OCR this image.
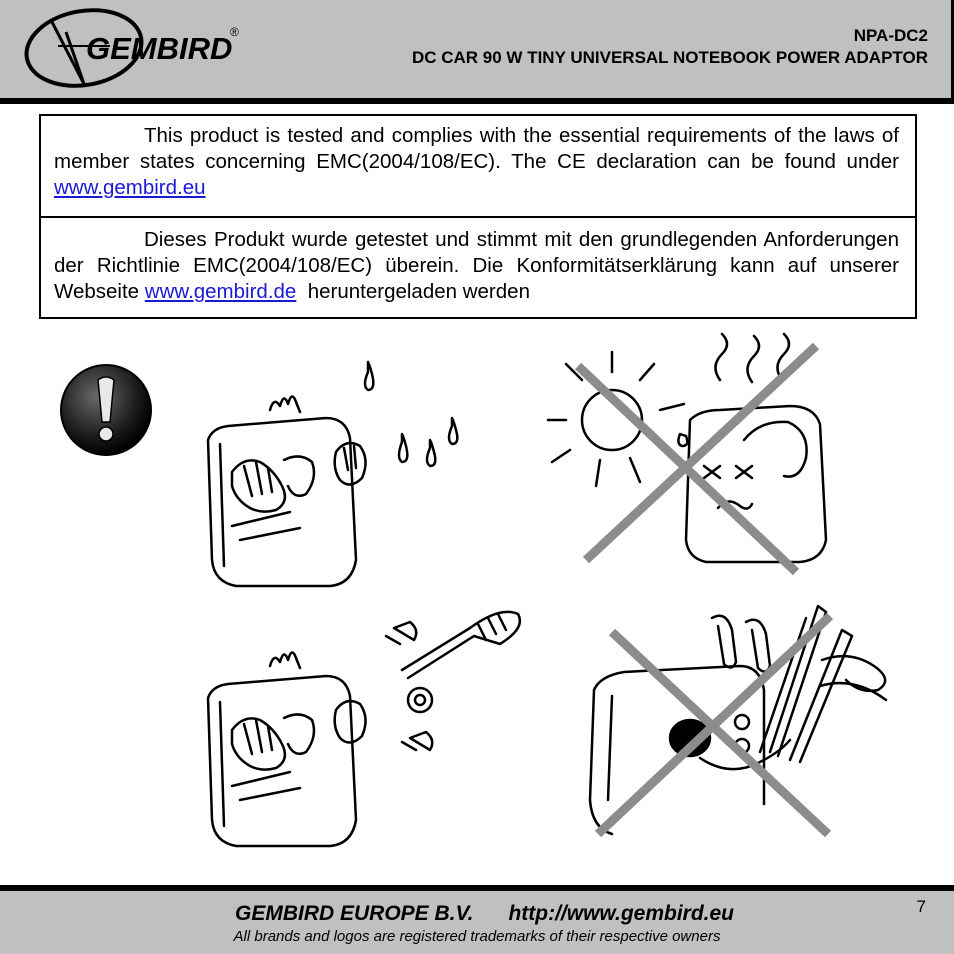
GEMBIRD
®	NPA-DC2
DC CAR 90 W TINY UNIVERSAL NOTEBOOK POWER ADAPTOR
This product is tested and complies with the essential requirements of the laws of member states concerning EMC(2004/108/EC). The CE declaration can be found under www.gembird.eu
Dieses Produkt wurde getestet und stimmt mit den grundlegenden Anforderungen der Richtlinie EMC(2004/108/EC) überein. Die Konformitätserklärung kann auf unserer Webseite www.gembird.de  heruntergeladen werden
GEMBIRD EUROPE B.V. http://www.gembird.eu
All brands and logos are registered trademarks of their respective owners
7
